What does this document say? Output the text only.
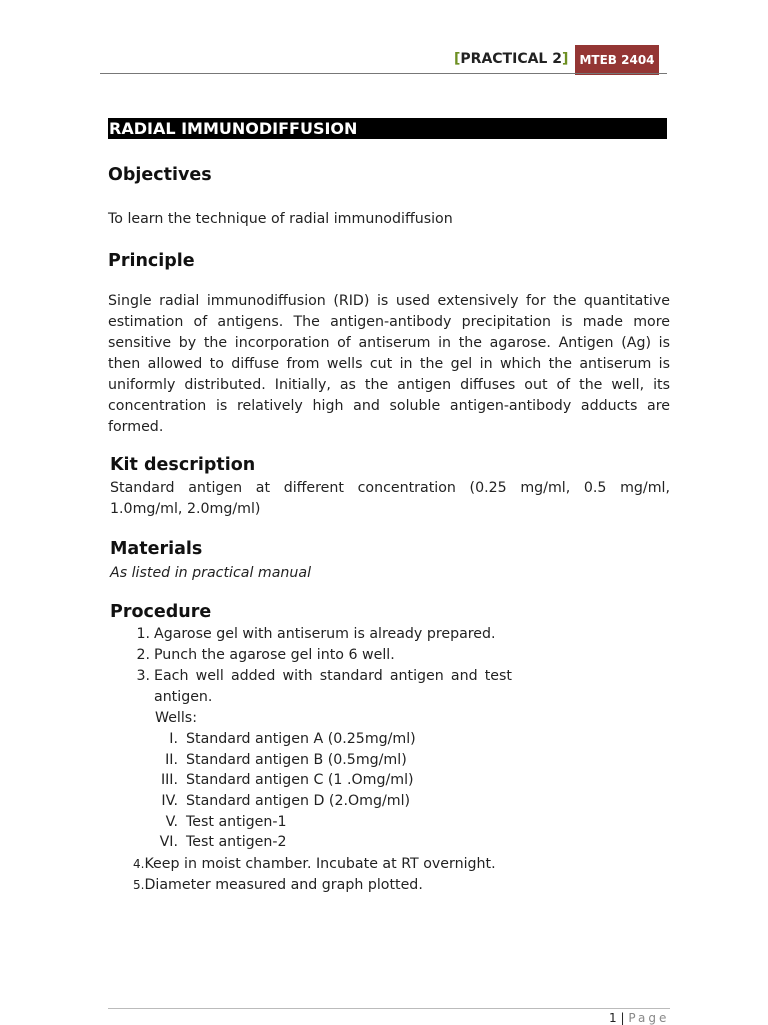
[PRACTICAL 2] MTEB 2404
RADIAL IMMUNODIFFUSION
Objectives
To learn the technique of radial immunodiffusion
Principle
Single radial immunodiffusion (RID) is used extensively for the quantitative estimation of antigens. The antigen-antibody precipitation is made more sensitive by the incorporation of antiserum in the agarose. Antigen (Ag) is then allowed to diffuse from wells cut in the gel in which the antiserum is uniformly distributed. Initially, as the antigen diffuses out of the well, its concentration is relatively high and soluble antigen-antibody adducts are formed.
Kit description
Standard antigen at different concentration (0.25 mg/ml, 0.5 mg/ml, 1.0mg/ml, 2.0mg/ml)
Materials
As listed in practical manual
Procedure
1. Agarose gel with antiserum is already prepared.
2. Punch the agarose gel into 6 well.
3. Each well added with standard antigen and test antigen.
Wells:
I. Standard antigen A (0.25mg/ml)
II. Standard antigen B (0.5mg/ml)
III. Standard antigen C (1 .Omg/ml)
IV. Standard antigen D (2.Omg/ml)
V. Test antigen-1
VI. Test antigen-2
4.Keep in moist chamber. Incubate at RT overnight.
5.Diameter measured and graph plotted.
1 | Page
